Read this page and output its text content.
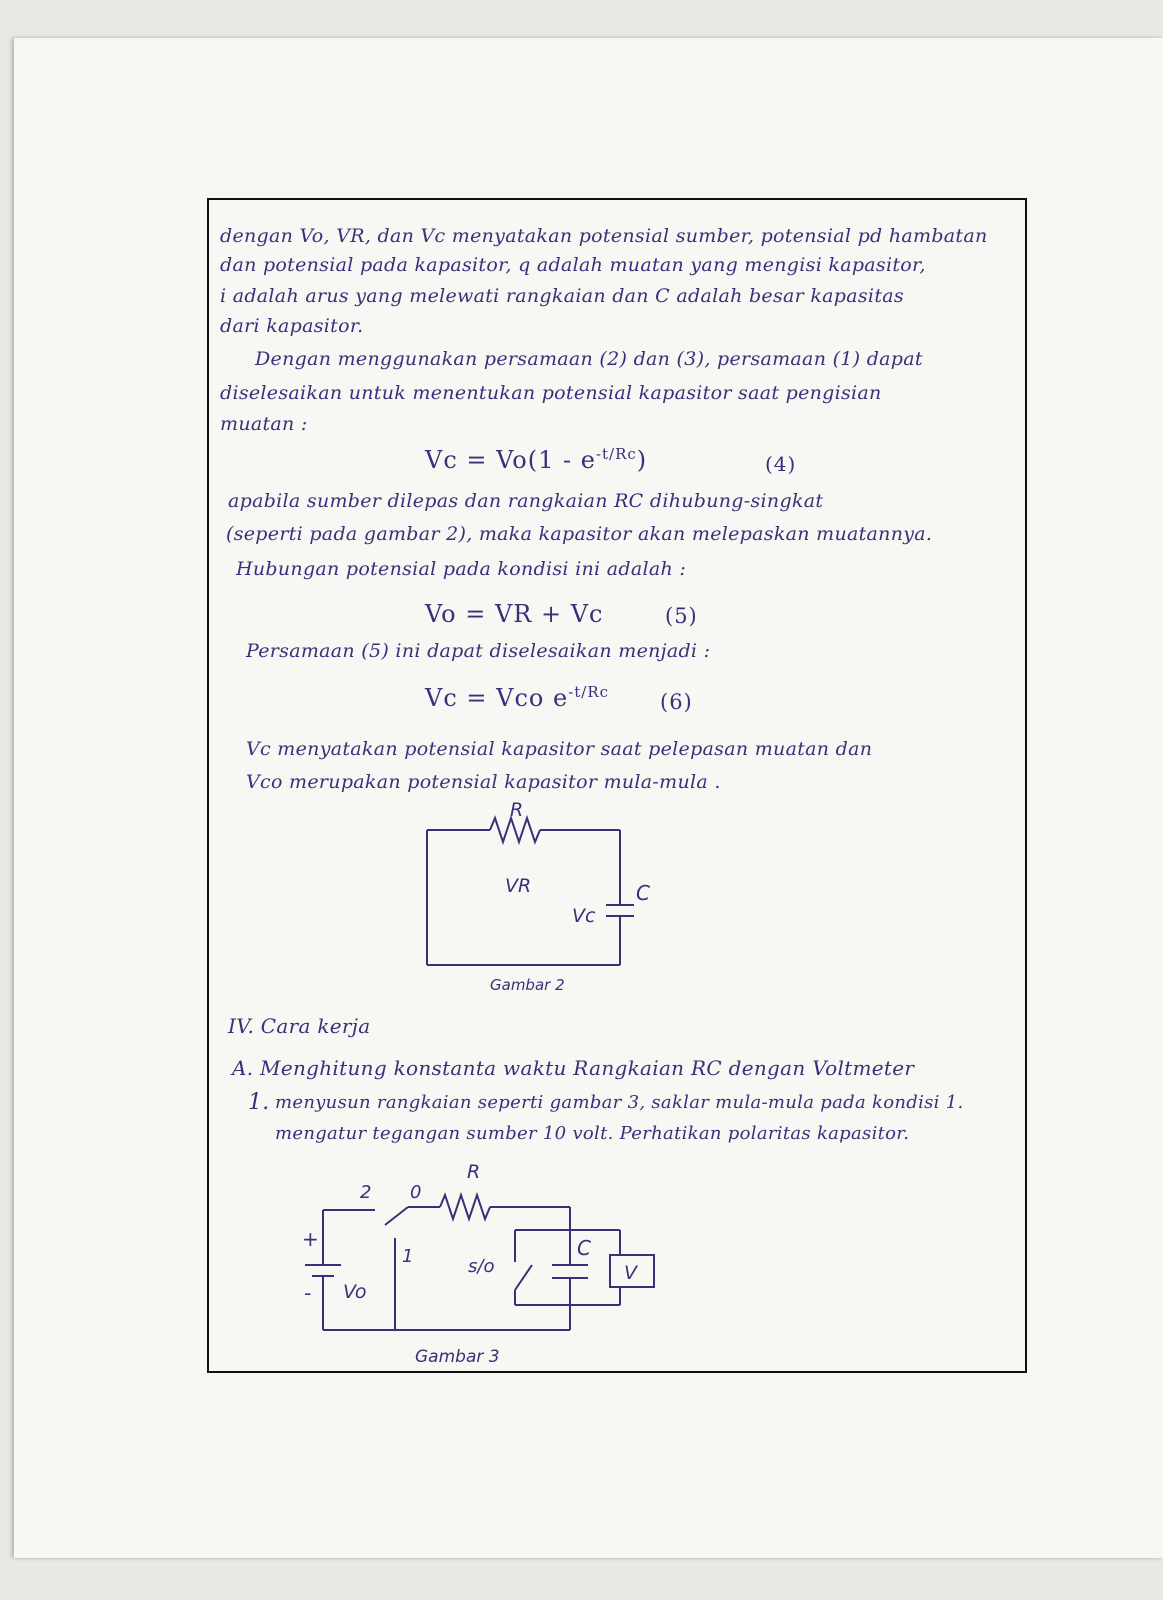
dengan Vo, VR, dan Vc menyatakan potensial sumber, potensial pd hambatan
dan potensial pada kapasitor, q adalah muatan yang mengisi kapasitor,
i adalah arus yang melewati rangkaian dan C adalah besar kapasitas
dari kapasitor.
Dengan menggunakan persamaan (2) dan (3), persamaan (1) dapat
diselesaikan untuk menentukan potensial kapasitor saat pengisian
muatan :
$Vc = Vo(1 - e^{-t/Rc})$	(4)
apabila sumber dilepas dan rangkaian RC dihubung-singkat
(seperti pada gambar 2), maka kapasitor akan melepaskan muatannya.
Hubungan potensial pada kondisi ini adalah :
Vo = VR + Vc	(5)
Persamaan (5) ini dapat diselesaikan menjadi :
Vc = Vco $e^{-t/Rc}$ (6)
Vc menyatakan potensial kapasitor saat pelepasan muatan dan
Vco merupakan potensial kapasitor mula-mula .
R
VR
Vc
C
Gambar 2
IV. Cara kerja
A. Menghitung konstanta waktu Rangkaian RC dengan Voltmeter
1. menyusun rangkaian seperti gambar 3, saklar mula-mula pada kondisi 1.
mengatur tegangan sumber 10 volt. Perhatikan polaritas kapasitor.
R
2 0
1
+
- Vo
s/o
C
V
Gambar 3
